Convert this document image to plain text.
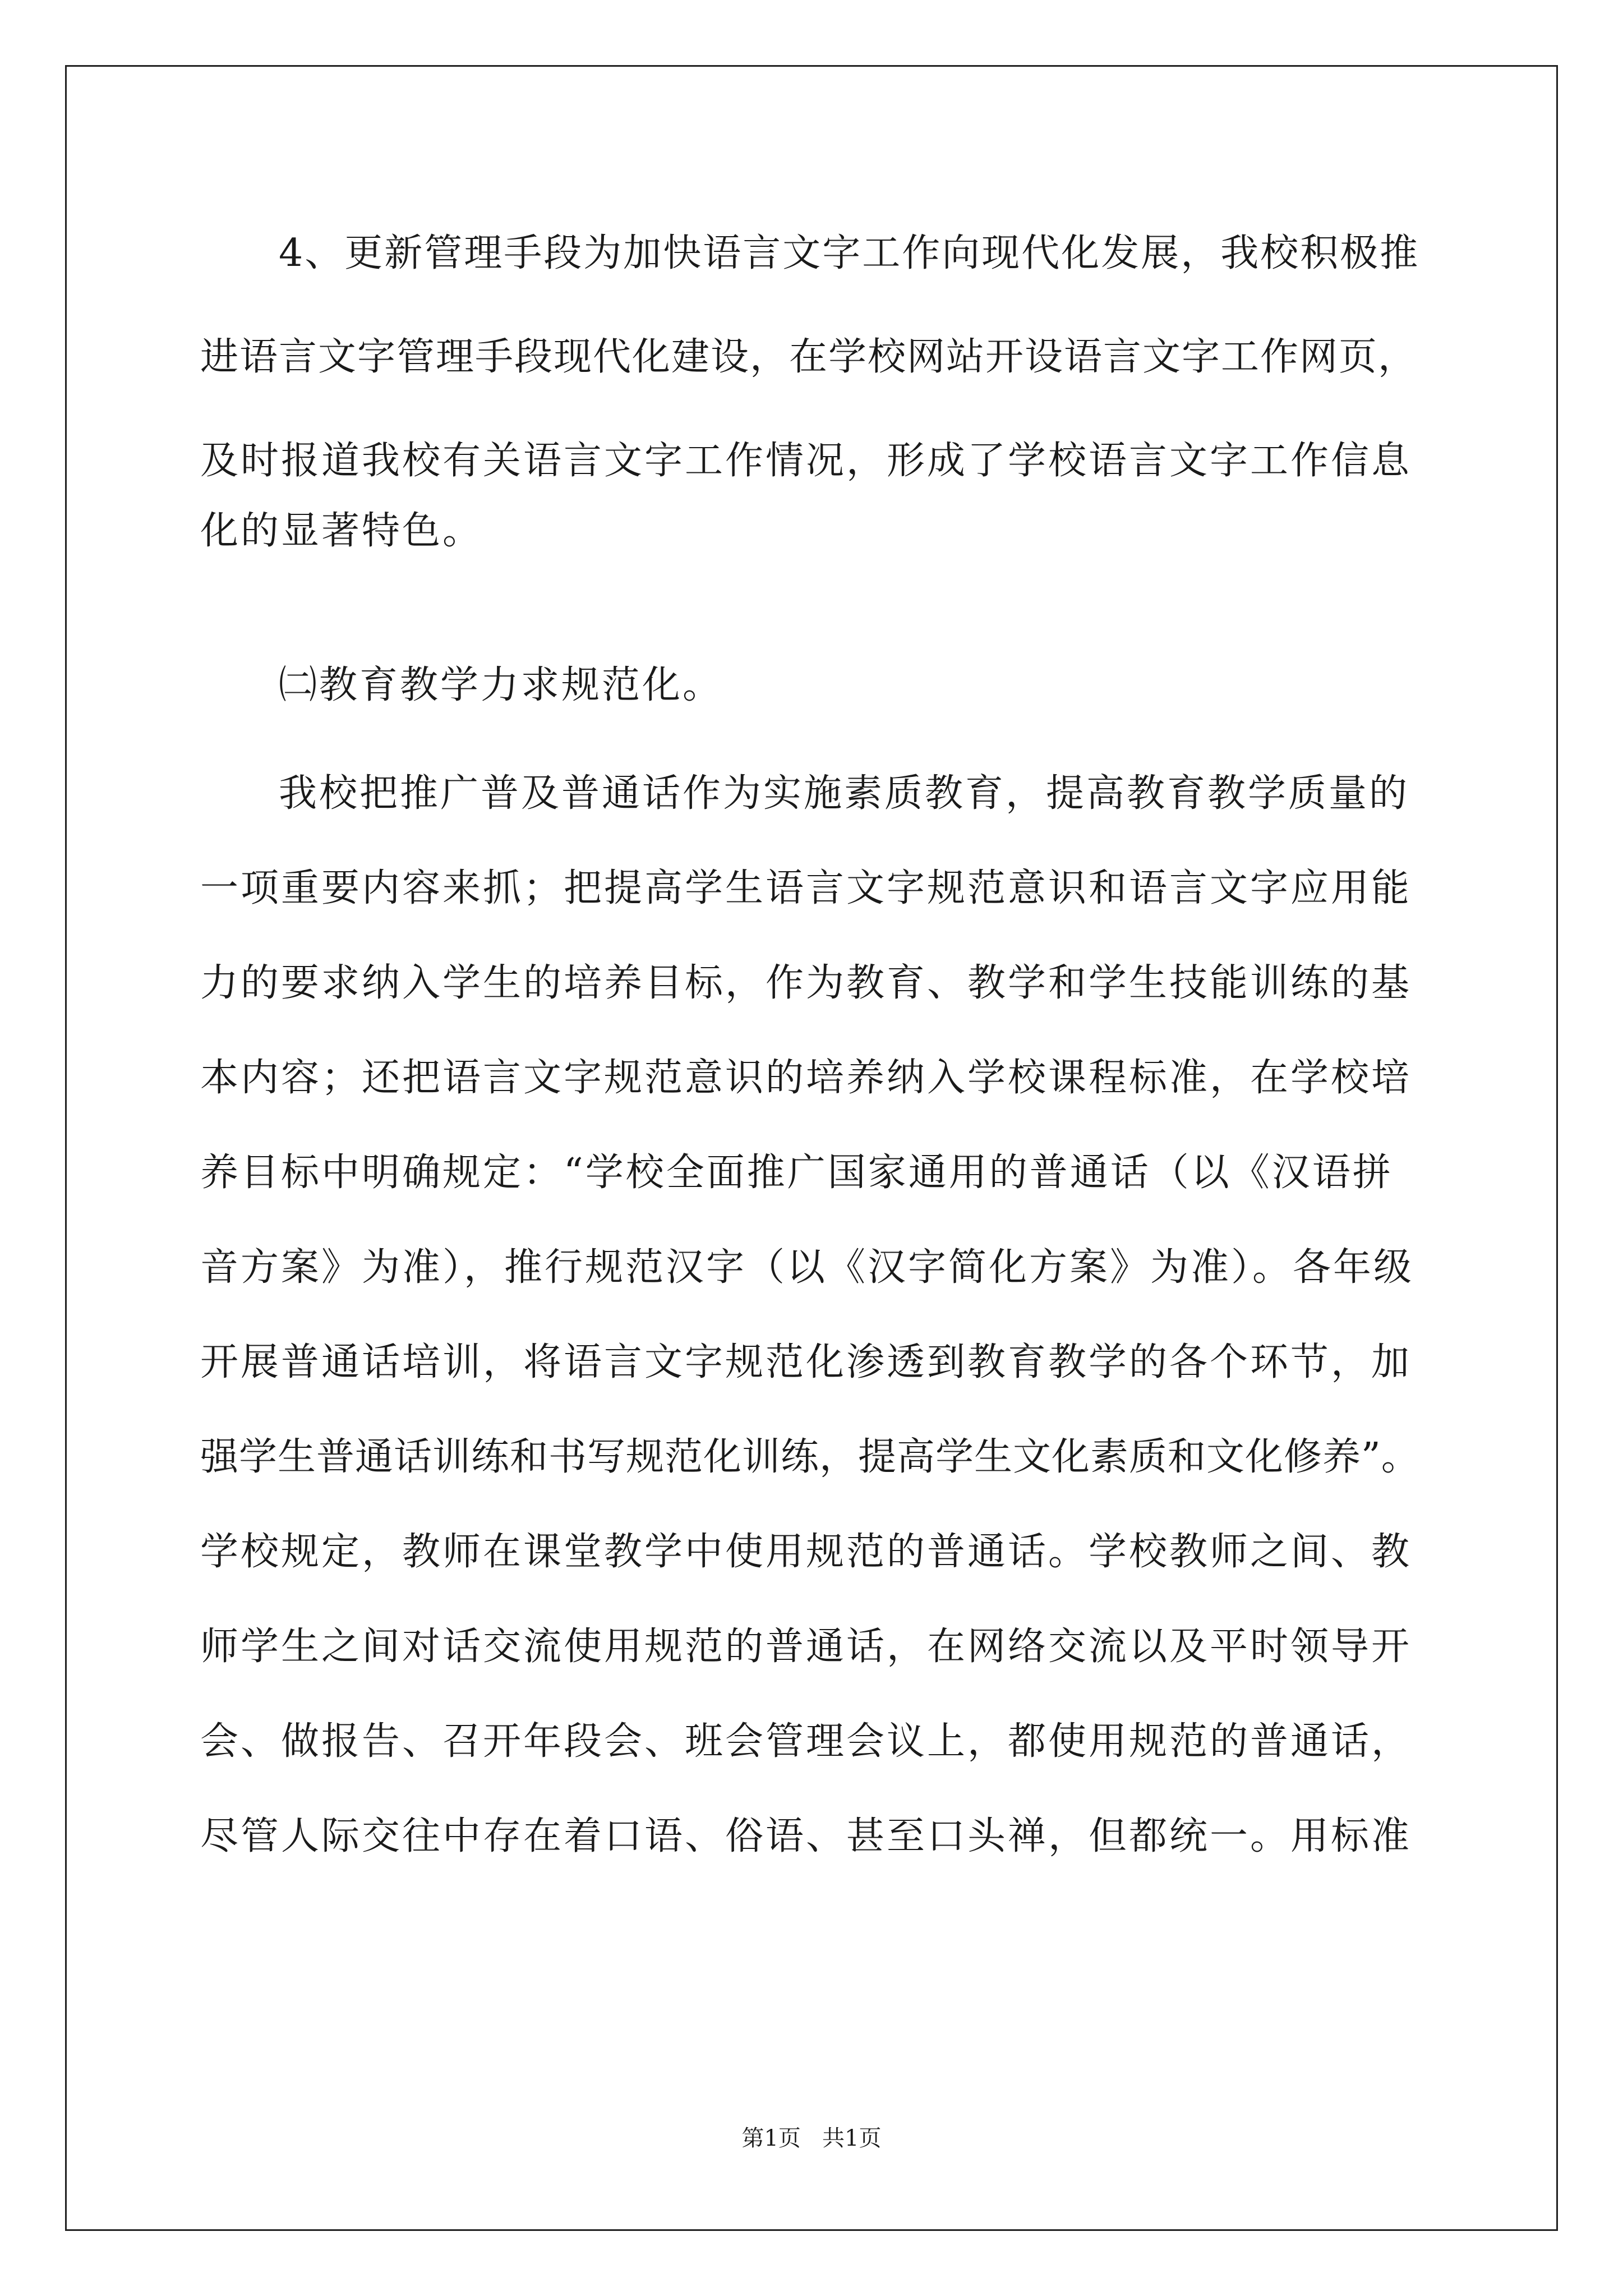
4、更新管理手段为加快语言文字工作向现代化发展，我校积极推
进语言文字管理手段现代化建设，在学校网站开设语言文字工作网页，
及时报道我校有关语言文字工作情况，形成了学校语言文字工作信息
化的显著特色。
㈡教育教学力求规范化。
我校把推广普及普通话作为实施素质教育，提高教育教学质量的
一项重要内容来抓；把提高学生语言文字规范意识和语言文字应用能
力的要求纳入学生的培养目标，作为教育、教学和学生技能训练的基
本内容；还把语言文字规范意识的培养纳入学校课程标准，在学校培
养目标中明确规定：“学校全面推广国家通用的普通话（以《汉语拼
音方案》为准），推行规范汉字（以《汉字简化方案》为准）。各年级
开展普通话培训，将语言文字规范化渗透到教育教学的各个环节，加
强学生普通话训练和书写规范化训练，提高学生文化素质和文化修养”。
学校规定，教师在课堂教学中使用规范的普通话。学校教师之间、教
师学生之间对话交流使用规范的普通话，在网络交流以及平时领导开
会、做报告、召开年段会、班会管理会议上，都使用规范的普通话，
尽管人际交往中存在着口语、俗语、甚至口头禅，但都统一。用标准
第1页   共1页
